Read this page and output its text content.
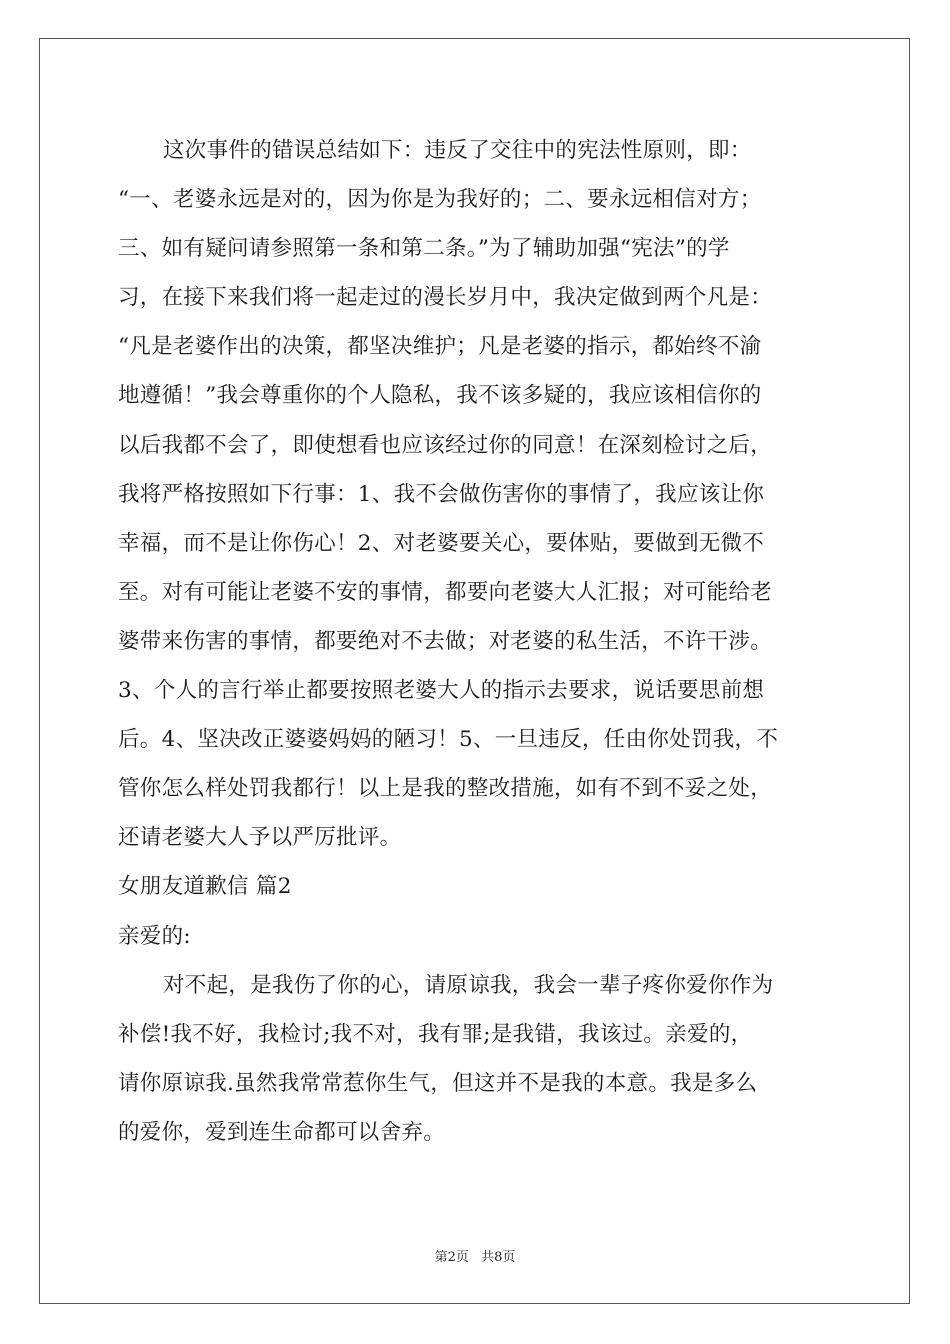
这次事件的错误总结如下：违反了交往中的宪法性原则，即：
“一、老婆永远是对的，因为你是为我好的；二、要永远相信对方；
三、如有疑问请参照第一条和第二条。”为了辅助加强“宪法”的学
习，在接下来我们将一起走过的漫长岁月中，我决定做到两个凡是：
“凡是老婆作出的决策，都坚决维护；凡是老婆的指示，都始终不渝
地遵循！”我会尊重你的个人隐私，我不该多疑的，我应该相信你的
以后我都不会了，即使想看也应该经过你的同意！在深刻检讨之后，
我将严格按照如下行事：1、我不会做伤害你的事情了，我应该让你
幸福，而不是让你伤心！2、对老婆要关心，要体贴，要做到无微不
至。对有可能让老婆不安的事情，都要向老婆大人汇报；对可能给老
婆带来伤害的事情，都要绝对不去做；对老婆的私生活，不许干涉。
3、个人的言行举止都要按照老婆大人的指示去要求，说话要思前想
后。4、坚决改正婆婆妈妈的陋习！5、一旦违反，任由你处罚我，不
管你怎么样处罚我都行！以上是我的整改措施，如有不到不妥之处，
还请老婆大人予以严厉批评。
女朋友道歉信 篇2
亲爱的:
对不起，是我伤了你的心，请原谅我，我会一辈子疼你爱你作为
补偿!我不好，我检讨;我不对，我有罪;是我错，我该过。亲爱的，
请你原谅我.虽然我常常惹你生气，但这并不是我的本意。我是多么
的爱你，爱到连生命都可以舍弃。
第2页 共8页
